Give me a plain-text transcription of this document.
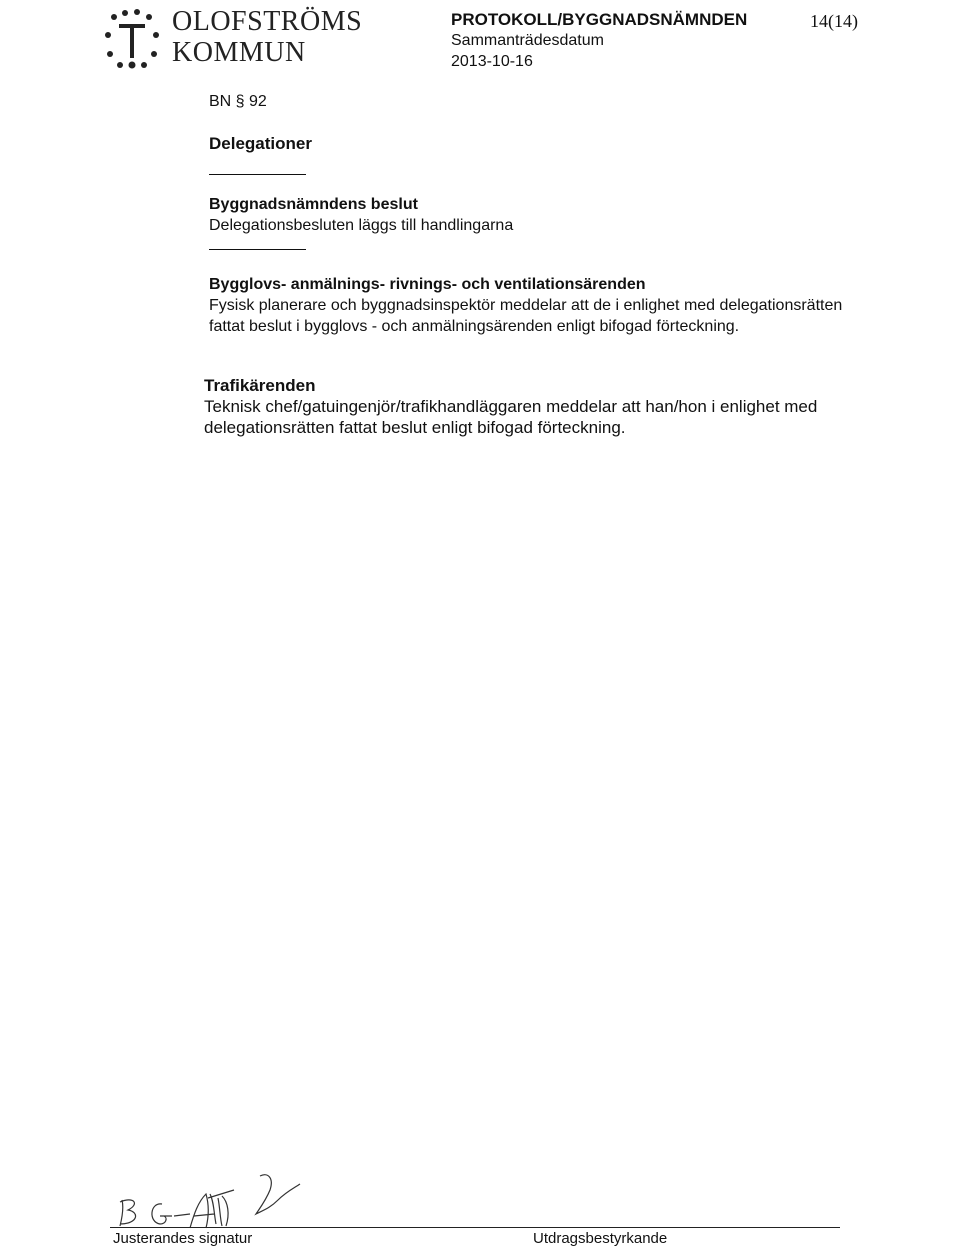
OLOFSTRÖMS
KOMMUN
PROTOKOLL/BYGGNADSNÄMNDEN
Sammanträdesdatum
2013-10-16
14(14)
BN § 92
Delegationer
Byggnadsnämndens beslut
Delegationsbesluten läggs till handlingarna
Bygglovs- anmälnings- rivnings- och ventilationsärenden
Fysisk planerare och byggnadsinspektör meddelar att de i enlighet med delegationsrätten fattat beslut i bygglovs - och anmälningsärenden enligt bifogad förteckning.
Trafikärenden
Teknisk chef/gatuingenjör/trafikhandläggaren meddelar att han/hon i enlighet med delegationsrätten fattat beslut enligt bifogad förteckning.
Justerandes signatur	Utdragsbestyrkande
